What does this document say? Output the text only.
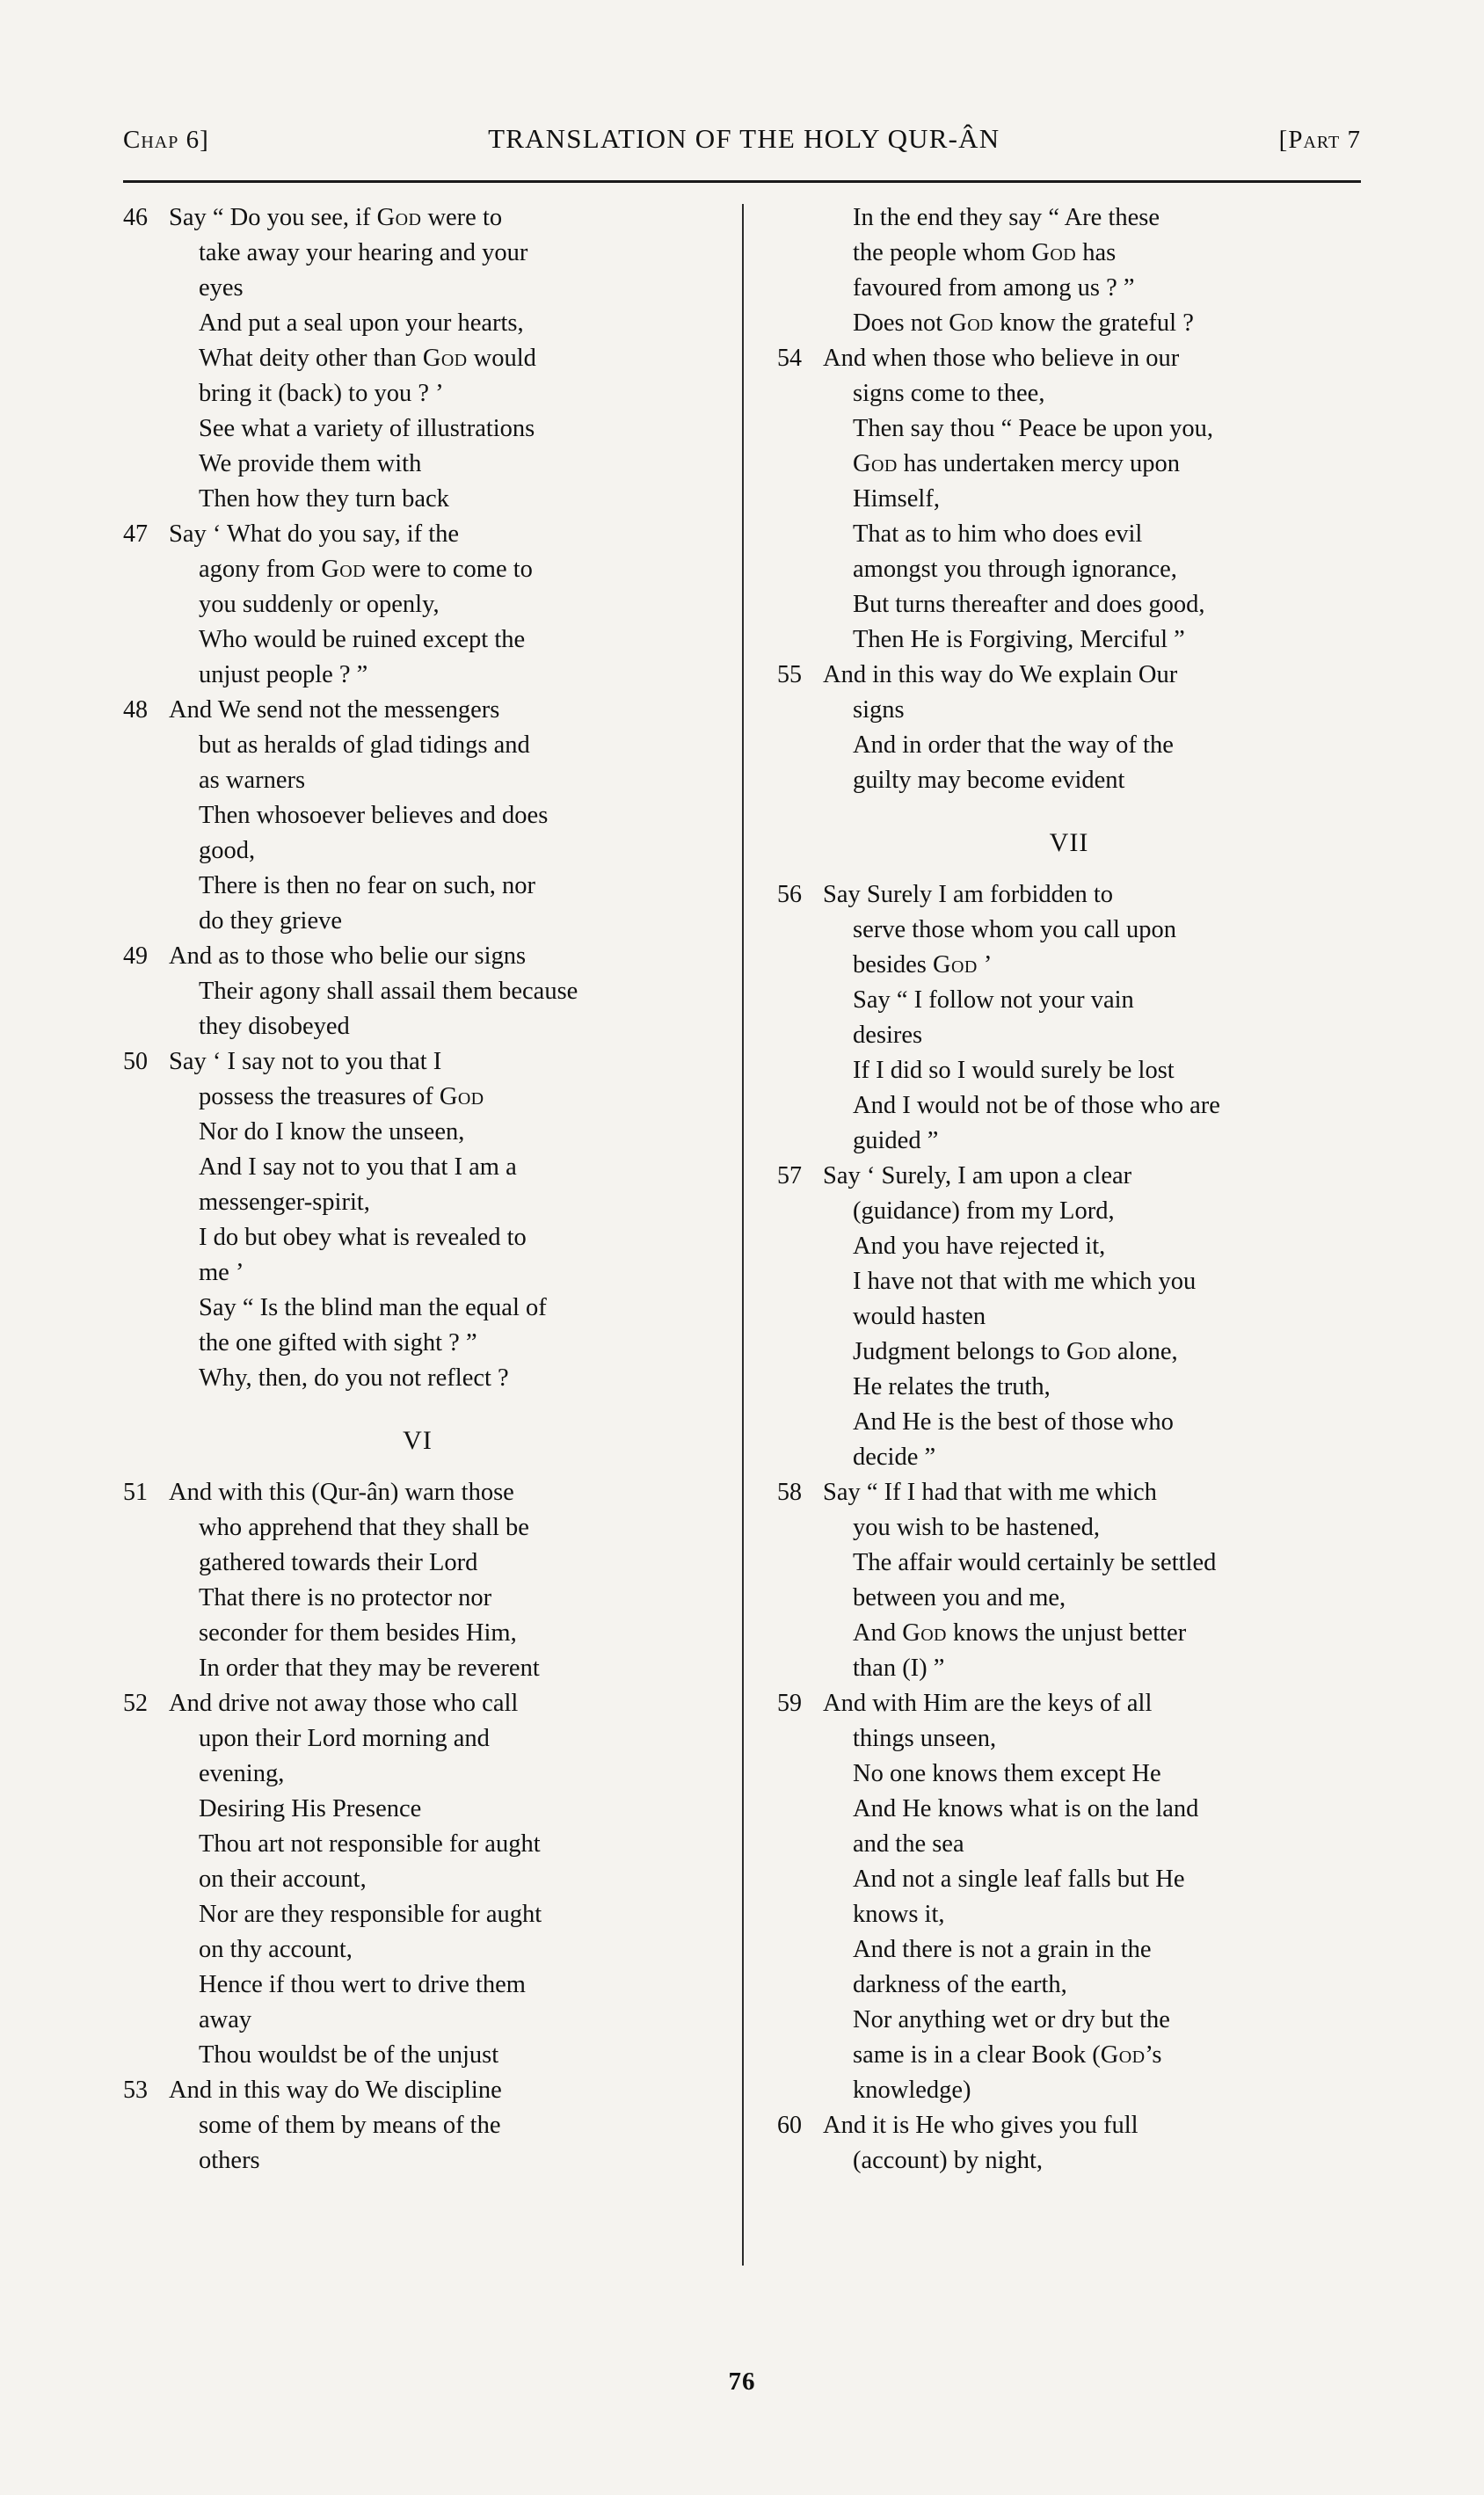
Chap 6]	TRANSLATION OF THE HOLY QUR-ÂN	[Part 7
46 Say “ Do you see, if God were to
take away your hearing and your
eyes
And put a seal upon your hearts,
What deity other than God would
bring it (back) to you ? ’
See what a variety of illustrations
We provide them with
Then how they turn back
47 Say ‘ What do you say, if the
agony from God were to come to
you suddenly or openly,
Who would be ruined except the
unjust people ? ”
48 And We send not the messengers
but as heralds of glad tidings and
as warners
Then whosoever believes and does
good,
There is then no fear on such, nor
do they grieve
49 And as to those who belie our signs
Their agony shall assail them because
they disobeyed
50 Say ‘ I say not to you that I
possess the treasures of God
Nor do I know the unseen,
And I say not to you that I am a
messenger-spirit,
I do but obey what is revealed to
me ’
Say “ Is the blind man the equal of
the one gifted with sight ? ”
Why, then, do you not reflect ?
VI
51 And with this (Qur-ân) warn those
who apprehend that they shall be
gathered towards their Lord
That there is no protector nor
seconder for them besides Him,
In order that they may be reverent
52 And drive not away those who call
upon their Lord morning and
evening,
Desiring His Presence
Thou art not responsible for aught
on their account,
Nor are they responsible for aught
on thy account,
Hence if thou wert to drive them
away
Thou wouldst be of the unjust
53 And in this way do We discipline
some of them by means of the
others
In the end they say “ Are these
the people whom God has
favoured from among us ? ”
Does not God know the grateful ?
54 And when those who believe in our
signs come to thee,
Then say thou “ Peace be upon you,
God has undertaken mercy upon
Himself,
That as to him who does evil
amongst you through ignorance,
But turns thereafter and does good,
Then He is Forgiving, Merciful ”
55 And in this way do We explain Our
signs
And in order that the way of the
guilty may become evident
VII
56 Say Surely I am forbidden to
serve those whom you call upon
besides God ’
Say “ I follow not your vain
desires
If I did so I would surely be lost
And I would not be of those who are
guided ”
57 Say ‘ Surely, I am upon a clear
(guidance) from my Lord,
And you have rejected it,
I have not that with me which you
would hasten
Judgment belongs to God alone,
He relates the truth,
And He is the best of those who
decide ”
58 Say “ If I had that with me which
you wish to be hastened,
The affair would certainly be settled
between you and me,
And God knows the unjust better
than (I) ”
59 And with Him are the keys of all
things unseen,
No one knows them except He
And He knows what is on the land
and the sea
And not a single leaf falls but He
knows it,
And there is not a grain in the
darkness of the earth,
Nor anything wet or dry but the
same is in a clear Book (God’s
knowledge)
60 And it is He who gives you full
(account) by night,
76
